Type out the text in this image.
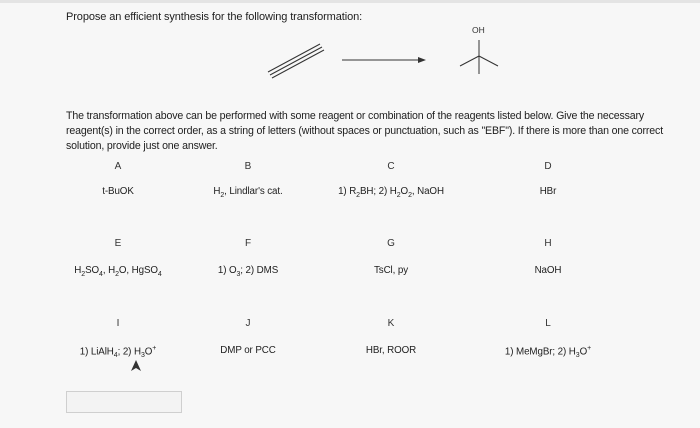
Propose an efficient synthesis for the following transformation:
OH
The transformation above can be performed with some reagent or combination of the reagents listed below. Give the necessary
reagent(s) in the correct order, as a string of letters (without spaces or punctuation, such as "EBF"). If there is more than one correct
solution, provide just one answer.
A
t-BuOK
B
$H_2$, Lindlar's cat.
C
1) $R_2BH$; 2) $H_2O_2$, NaOH
D
HBr
E
$H_2SO_4$, $H_2O$, HgSO$_4$
F
1) $O_3$; 2) DMS
G
TsCl, py
H
NaOH
I
1) LiAlH$_4$; 2) $H_3O^+$
J
DMP or PCC
K
HBr, ROOR
L
1) MeMgBr; 2) $H_3O^+$
